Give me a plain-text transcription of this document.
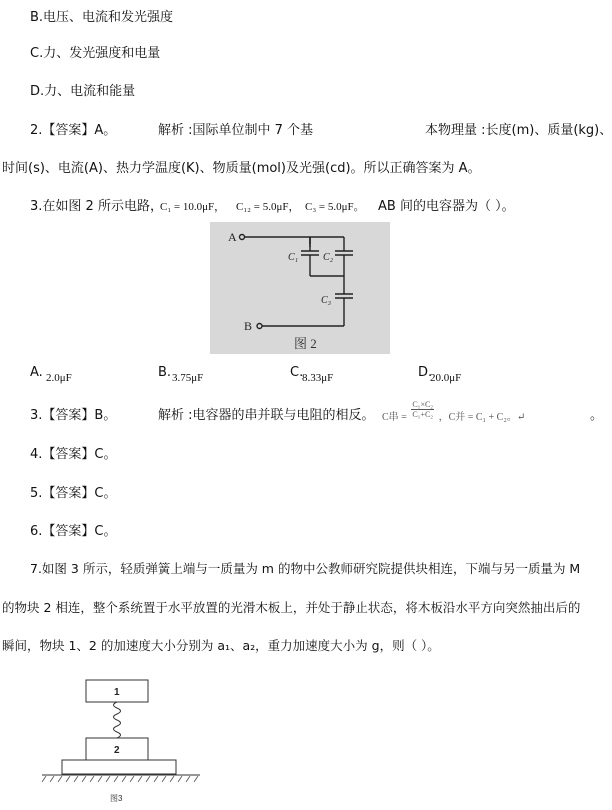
B.电压、电流和发光强度
C.力、发光强度和电量
D.力、电流和能量
2.【答案】A。	解析 :国际单位制中 7 个基	本物理量 :长度(m)、质量(kg)、
时间(s)、电流(A)、热力学温度(K)、物质量(mol)及光强(cd)。所以正确答案为 A。
3.在如图 2 所示电路，
C₁ = 10.0μF， C₁₂ = 5.0μF， C₃ = 5.0μF。 AB 间的电容器为（ ）。
A
B
C₁ C₂
C₃
图 2
A. 2.0μF	B. 3.75μF	C.
8.33μF	D.
20.0μF
3.【答案】B。	解析 :电容器的串并联与电阻的相反。 C串 = $\frac{\text{C₁×C₂}}{\text{C₁+C₂}}$ ，C并 = C₁ + C₂。↵	。
4.【答案】C。
5.【答案】C。
6.【答案】C。
7.如图 3 所示，轻质弹簧上端与一质量为 m 的物中公教师研究院提供块相连，下端与另一质量为 M
的物块 2 相连，整个系统置于水平放置的光滑木板上，并处于静止状态，将木板沿水平方向突然抽出后的
瞬间，物块 1、2 的加速度大小分别为 a₁、a₂，重力加速度大小为 g，则（ ）。
1
2
图3
